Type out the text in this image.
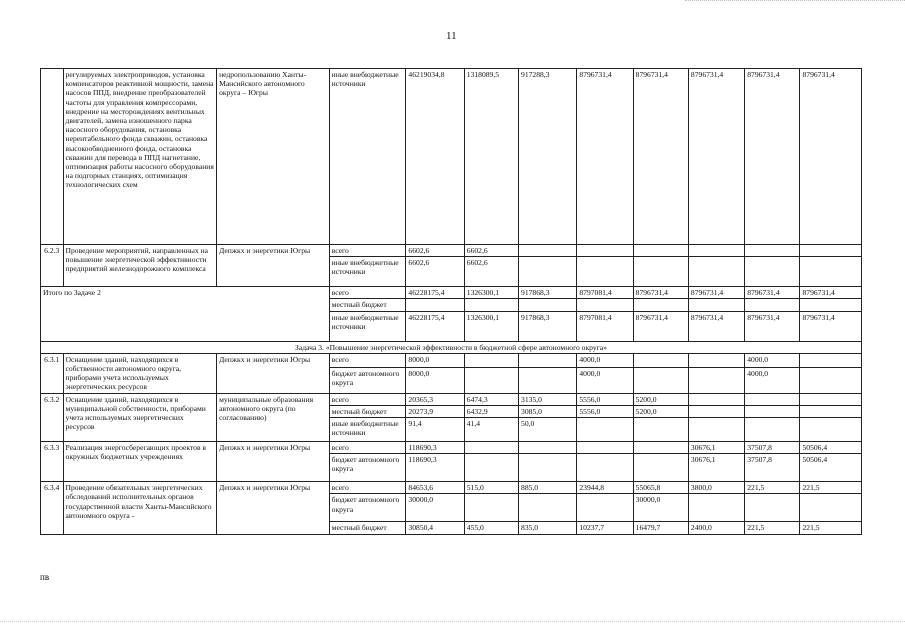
11
	регулируемых электроприводов, установка компенсаторов реактивной мощности, замена насосов ППД, внедрение преобразователей частоты для управления компрессорами, внедрение на месторождениях вентильных двигателей, замена изношенного парка насосного оборудования, остановка нерентабельного фонда скважин, остановка высокообводненного фонда, остановка скважин для перевода в ППД нагнетание, оптимизация работы насосного оборудования на подгорных станциях, оптимизация технологических схем	недропользованию Ханты-Мансийского автономного округа – Югры	иные внебюджетные источники	46219034,8	1318089,5	917288,3	8796731,4	8796731,4	8796731,4	8796731,4	8796731,4
6.2.3	Проведение мероприятий, направленных на повышение энергетической эффективности предприятий железнодорожного комплекса	Депжкх и энергетики Югры	всего	6602,6	6602,6						
			иные внебюджетные источники	6602,6	6602,6						
Итого по Задаче 2			всего	46228175,4	1326300,1	917868,3	8797081,4	8796731,4	8796731,4	8796731,4	8796731,4
			местный бюджет								
			иные внебюджетные источники	46228175,4	1326300,1	917868,3	8797081,4	8796731,4	8796731,4	8796731,4	8796731,4
Задача 3. «Повышение энергетической эффективности в бюджетной сфере автономного округа»											
6.3.1	Оснащение зданий, находящихся в собственности автономного округа, приборами учета используемых энергетических ресурсов	Депжкх и энергетики Югры	всего	8000,0			4000,0			4000,0	
			бюджет автономного округа	8000,0			4000,0			4000,0	
6.3.2	Оснащение зданий, находящихся в муниципальной собственности, приборами учета используемых энергетических ресурсов	муниципальные образования автономного округа (по согласованию)	всего	20365,3	6474,3	3135,0	5556,0	5200,0			
			местный бюджет	20273,9	6432,9	3085,0	5556,0	5200,0			
			иные внебюджетные источники	91,4	41,4	50,0					
6.3.3	Реализация энергосберегающих проектов в окружных бюджетных учреждениях	Депжкх и энергетики Югры	всего	118690,3					30676,1	37507,8	50506,4
			бюджет автономного округа	118690,3					30676,1	37507,8	50506,4
6.3.4	Проведение обязательных энергетических обследований исполнительных органов государственной власти Ханты-Мансийского автономного округа -	Депжкх и энергетики Югры	всего	84653,6	515,0	885,0	23944,8	55065,8	3800,0	221,5	221,5
			бюджет автономного округа	30000,0				30000,0			
			местный бюджет	30850,4	455,0	835,0	10237,7	16479,7	2400,0	221,5	221,5
пв
